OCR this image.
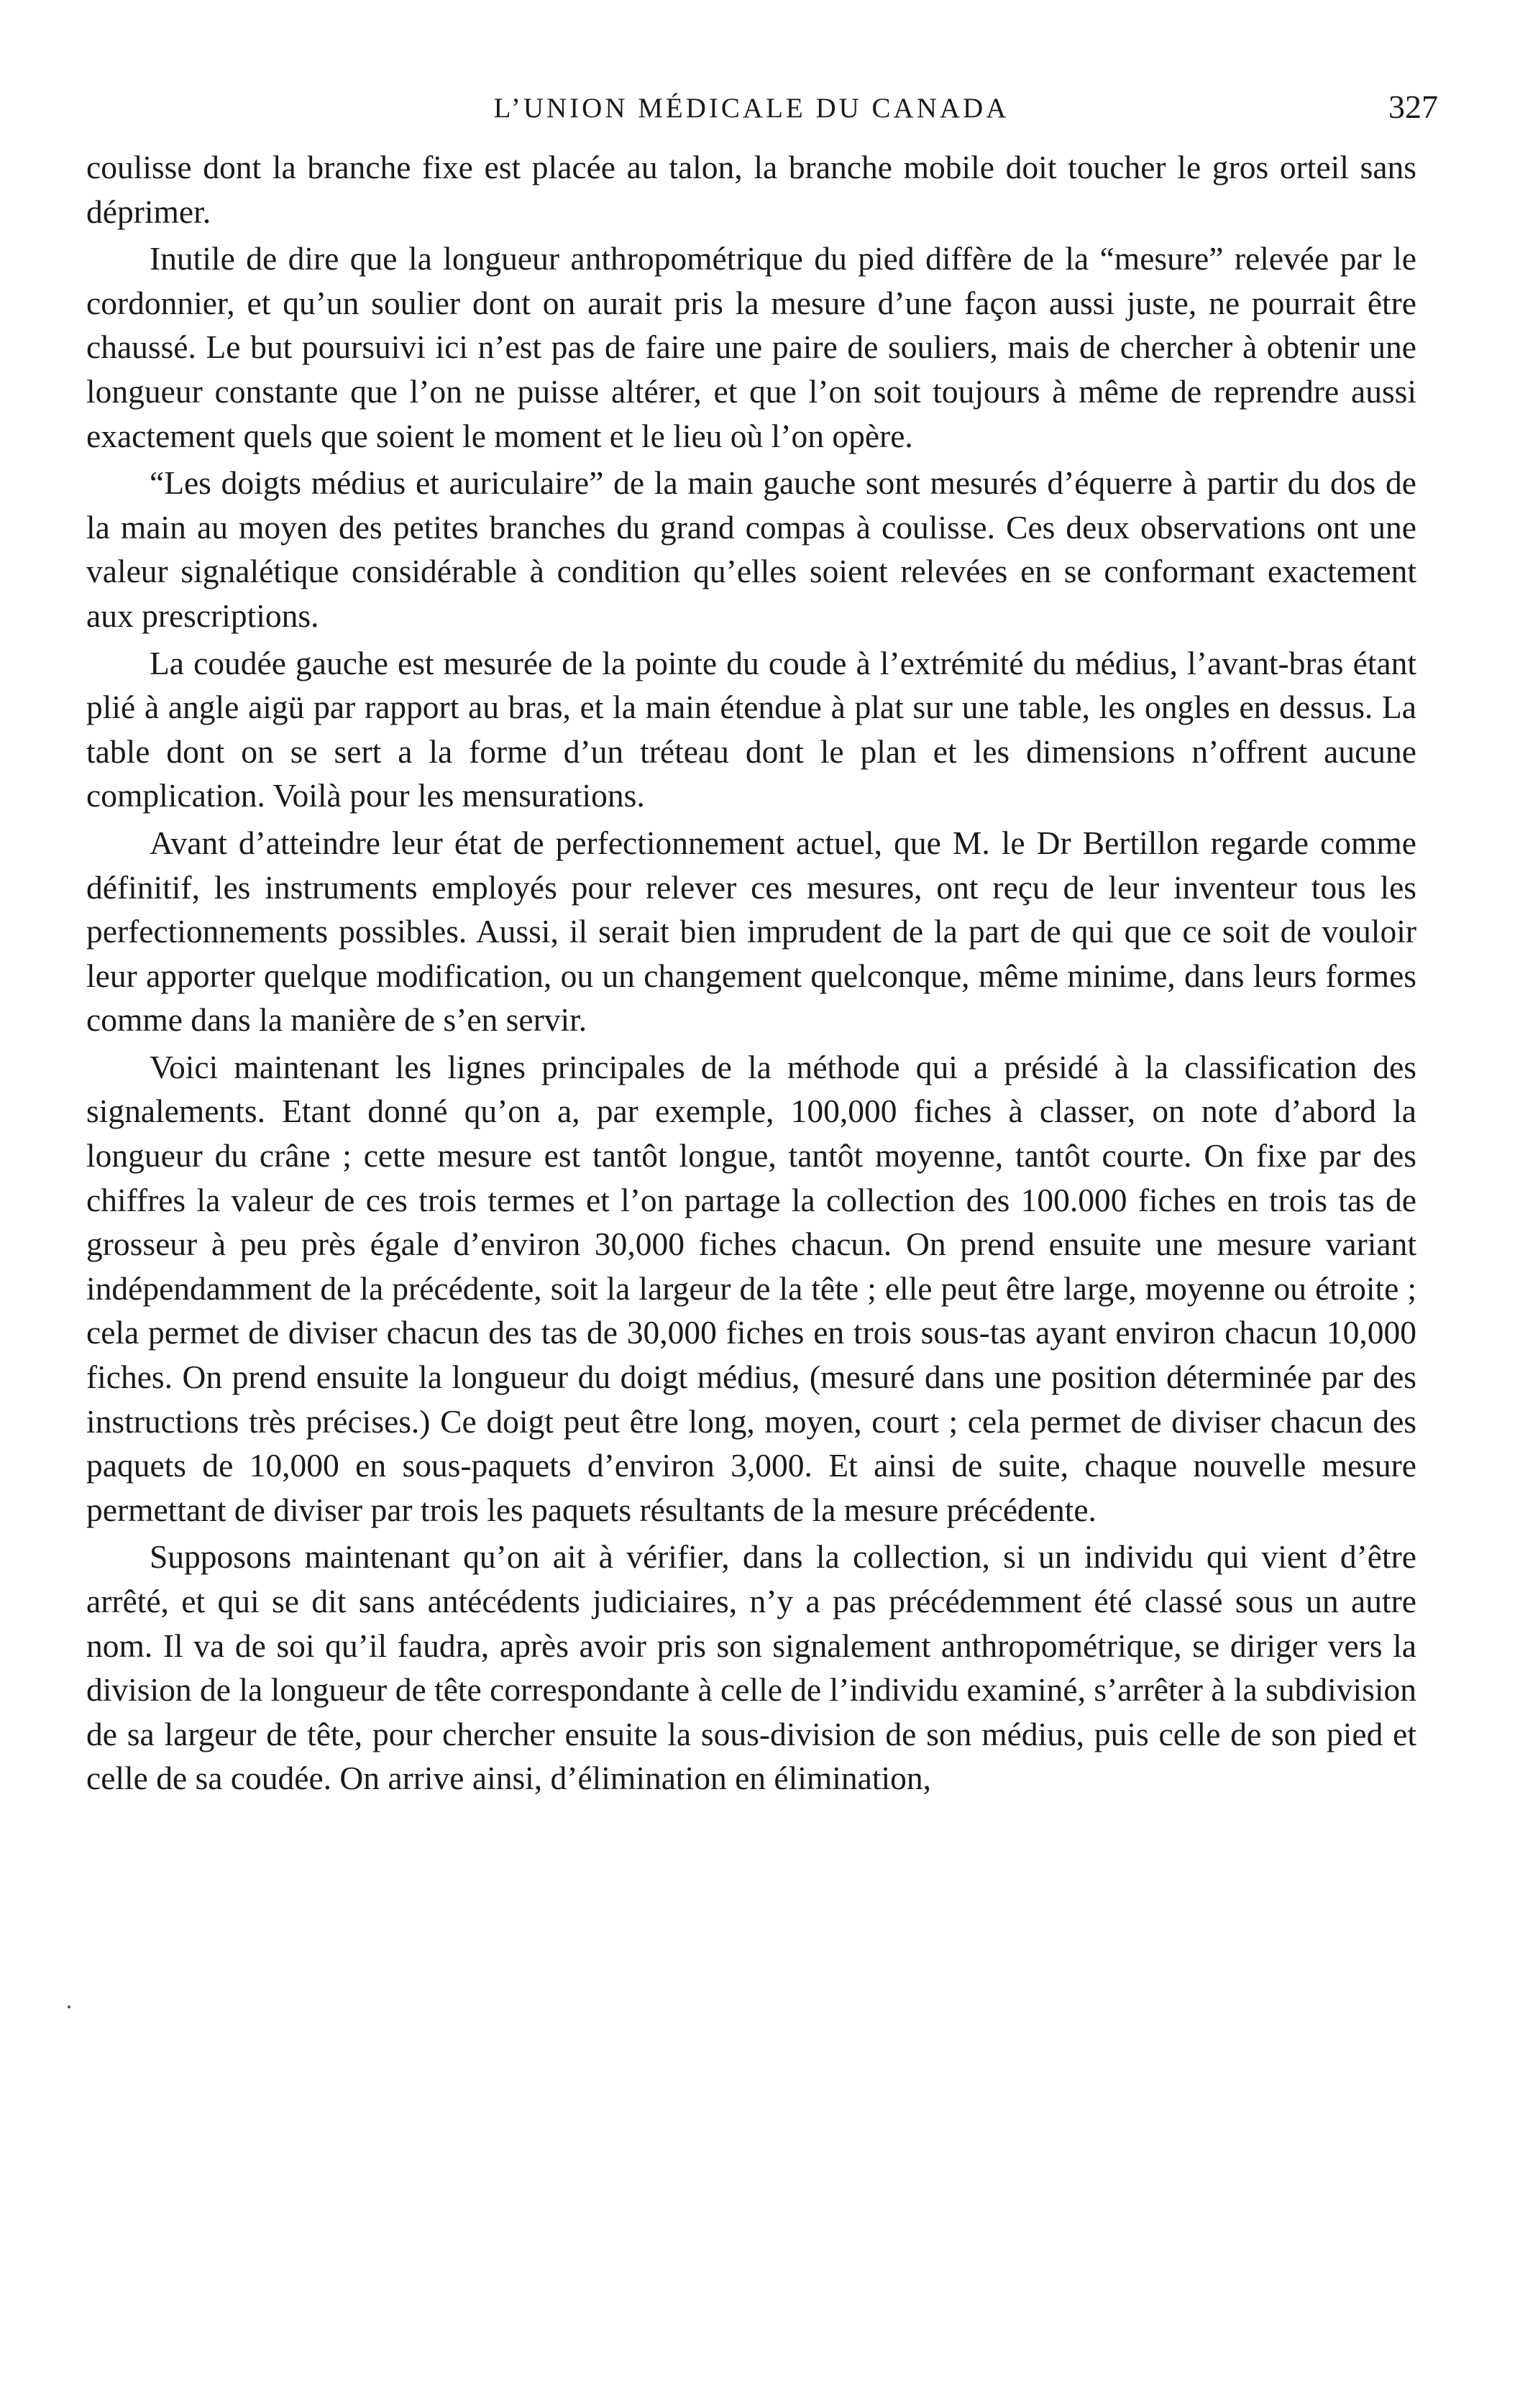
L’UNION MÉDICALE DU CANADA	327

coulisse dont la branche fixe est placée au talon, la branche mobile doit toucher le gros orteil sans déprimer.

Inutile de dire que la longueur anthropométrique du pied diffère de la “mesure” relevée par le cordonnier, et qu’un soulier dont on aurait pris la mesure d’une façon aussi juste, ne pourrait être chaussé. Le but poursuivi ici n’est pas de faire une paire de souliers, mais de chercher à obtenir une longueur constante que l’on ne puisse altérer, et que l’on soit toujours à même de reprendre aussi exactement quels que soient le moment et le lieu où l’on opère.

“Les doigts médius et auriculaire” de la main gauche sont mesurés d’équerre à partir du dos de la main au moyen des petites branches du grand compas à coulisse. Ces deux observations ont une valeur signalétique considérable à condition qu’elles soient relevées en se conformant exactement aux prescriptions.

La coudée gauche est mesurée de la pointe du coude à l’extrémité du médius, l’avant-bras étant plié à angle aigü par rapport au bras, et la main étendue à plat sur une table, les ongles en dessus. La table dont on se sert a la forme d’un tréteau dont le plan et les dimensions n’offrent aucune complication. Voilà pour les mensurations.

Avant d’atteindre leur état de perfectionnement actuel, que M. le Dr Bertillon regarde comme définitif, les instruments employés pour relever ces mesures, ont reçu de leur inventeur tous les perfectionnements possibles. Aussi, il serait bien imprudent de la part de qui que ce soit de vouloir leur apporter quelque modification, ou un changement quelconque, même minime, dans leurs formes comme dans la manière de s’en servir.

Voici maintenant les lignes principales de la méthode qui a présidé à la classification des signalements. Etant donné qu’on a, par exemple, 100,000 fiches à classer, on note d’abord la longueur du crâne ; cette mesure est tantôt longue, tantôt moyenne, tantôt courte. On fixe par des chiffres la valeur de ces trois termes et l’on partage la collection des 100.000 fiches en trois tas de grosseur à peu près égale d’environ 30,000 fiches chacun. On prend ensuite une mesure variant indépendamment de la précédente, soit la largeur de la tête ; elle peut être large, moyenne ou étroite ; cela permet de diviser chacun des tas de 30,000 fiches en trois sous-tas ayant environ chacun 10,000 fiches. On prend ensuite la longueur du doigt médius, (mesuré dans une position déterminée par des instructions très précises.) Ce doigt peut être long, moyen, court ; cela permet de diviser chacun des paquets de 10,000 en sous-paquets d’environ 3,000. Et ainsi de suite, chaque nouvelle mesure permettant de diviser par trois les paquets résultants de la mesure précédente.

Supposons maintenant qu’on ait à vérifier, dans la collection, si un individu qui vient d’être arrêté, et qui se dit sans antécédents judiciaires, n’y a pas précédemment été classé sous un autre nom. Il va de soi qu’il faudra, après avoir pris son signalement anthropométrique, se diriger vers la division de la longueur de tête correspondante à celle de l’individu examiné, s’arrêter à la subdivision de sa largeur de tête, pour chercher ensuite la sous-division de son médius, puis celle de son pied et celle de sa coudée. On arrive ainsi, d’élimination en élimination,
